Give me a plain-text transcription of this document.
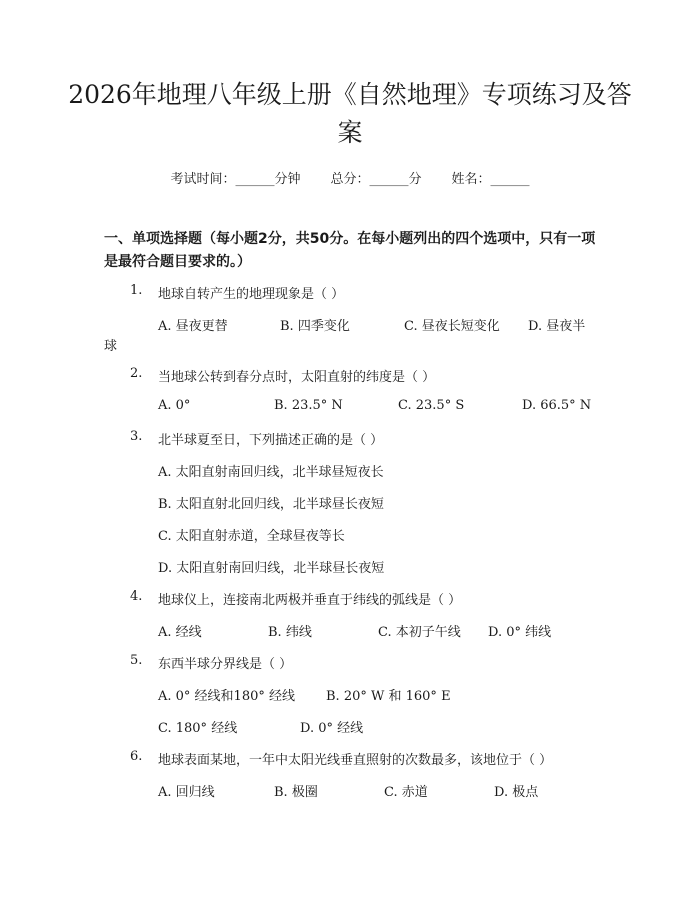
2026年地理八年级上册《自然地理》专项练习及答案
考试时间：______分钟 总分：______分 姓名：______
一、单项选择题（每小题2分，共50分。在每小题列出的四个选项中，只有一项是最符合题目要求的。）
1. 地球自转产生的地理现象是（ ）
A. 昼夜更替	B. 四季变化	C. 昼夜长短变化 D. 昼夜半
球
2. 当地球公转到春分点时，太阳直射的纬度是（ ）
A. 0°	B. 23.5° N	C. 23.5° S	D. 66.5° N
3. 北半球夏至日，下列描述正确的是（ ）
A. 太阳直射南回归线，北半球昼短夜长
B. 太阳直射北回归线，北半球昼长夜短
C. 太阳直射赤道，全球昼夜等长
D. 太阳直射南回归线，北半球昼长夜短
4. 地球仪上，连接南北两极并垂直于纬线的弧线是（ ）
A. 经线	B. 纬线	C. 本初子午线 D. 0° 纬线
5. 东西半球分界线是（ ）
A. 0° 经线和180° 经线 B. 20° W 和 160° E
C. 180° 经线	D. 0° 经线
6. 地球表面某地，一年中太阳光线垂直照射的次数最多，该地位于（ ）
A. 回归线	B. 极圈	C. 赤道	D. 极点
